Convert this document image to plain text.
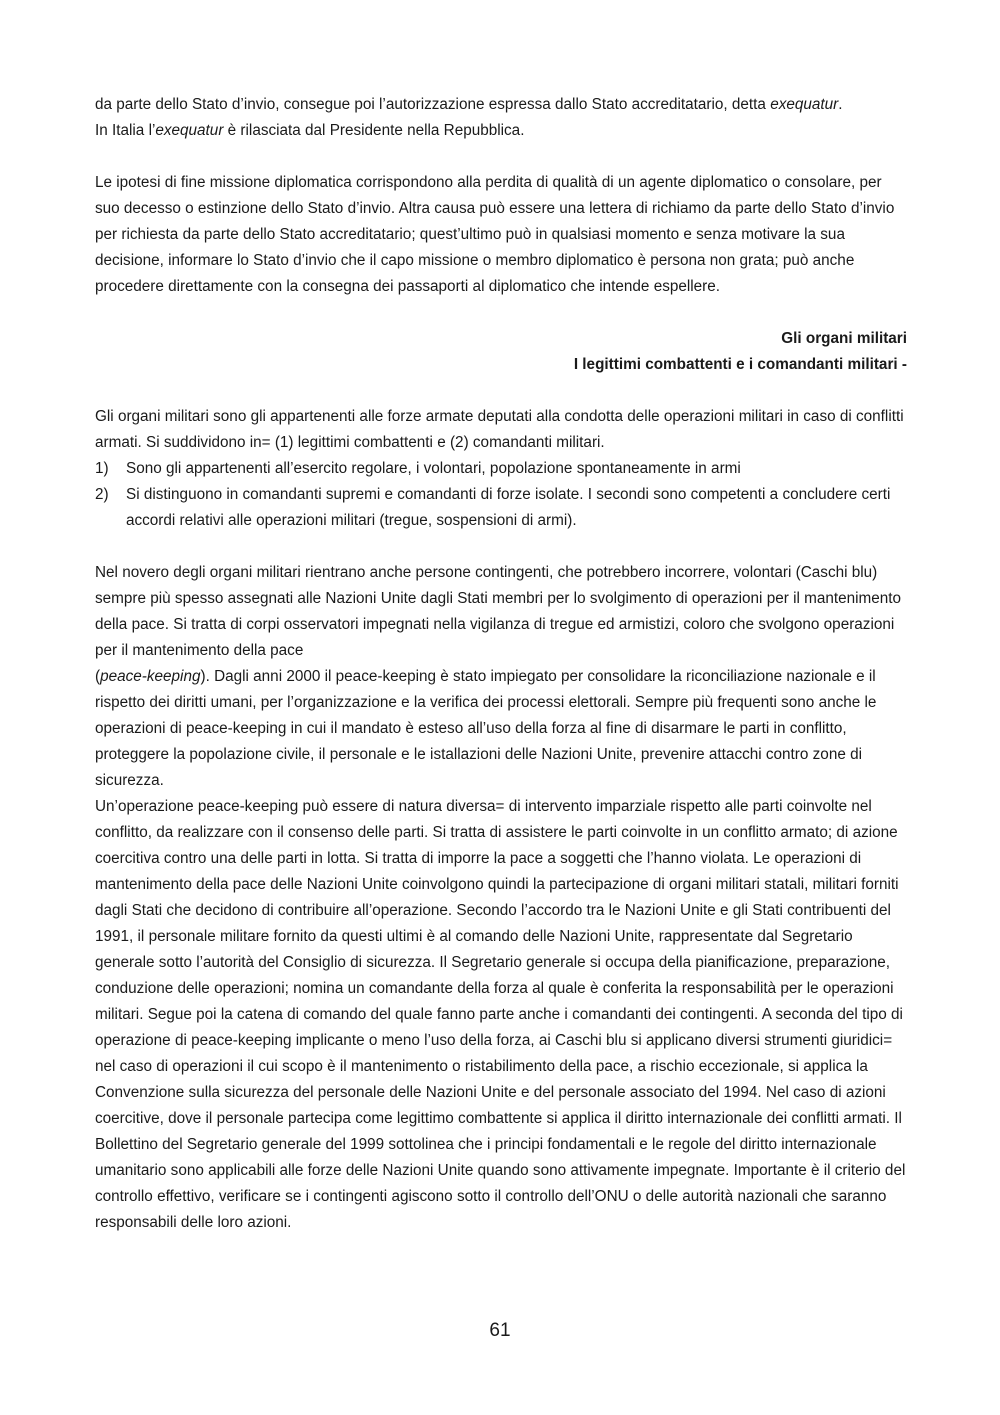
da parte dello Stato d’invio, consegue poi l’autorizzazione espressa dallo Stato accreditatario, detta exequatur.
In Italia l’exequatur è rilasciata dal Presidente nella Repubblica.

Le ipotesi di fine missione diplomatica corrispondono alla perdita di qualità di un agente diplomatico o consolare, per suo decesso o estinzione dello Stato d’invio. Altra causa può essere una lettera di richiamo da parte dello Stato d’invio per richiesta da parte dello Stato accreditatario; quest’ultimo può in qualsiasi momento e senza motivare la sua decisione, informare lo Stato d’invio che il capo missione o membro diplomatico è persona non grata; può anche procedere direttamente con la consegna dei passaporti al diplomatico che intende espellere.

Gli organi militari
I legittimi combattenti e i comandanti militari -

Gli organi militari sono gli appartenenti alle forze armate deputati alla condotta delle operazioni militari in caso di conflitti armati. Si suddividono in= (1) legittimi combattenti e (2) comandanti militari.

1) Sono gli appartenenti all’esercito regolare, i volontari, popolazione spontaneamente in armi
2) Si distinguono in comandanti supremi e comandanti di forze isolate. I secondi sono competenti a concludere certi accordi relativi alle operazioni militari (tregue, sospensioni di armi).

Nel novero degli organi militari rientrano anche persone contingenti, che potrebbero incorrere, volontari (Caschi blu) sempre più spesso assegnati alle Nazioni Unite dagli Stati membri per lo svolgimento di operazioni per il mantenimento della pace. Si tratta di corpi osservatori impegnati nella vigilanza di tregue ed armistizi, coloro che svolgono operazioni per il mantenimento della pace
(peace-keeping). Dagli anni 2000 il peace-keeping è stato impiegato per consolidare la riconciliazione nazionale e il rispetto dei diritti umani, per l’organizzazione e la verifica dei processi elettorali. Sempre più frequenti sono anche le operazioni di peace-keeping in cui il mandato è esteso all’uso della forza al fine di disarmare le parti in conflitto, proteggere la popolazione civile, il personale e le istallazioni delle Nazioni Unite, prevenire attacchi contro zone di sicurezza.

Un’operazione peace-keeping può essere di natura diversa= di intervento imparziale rispetto alle parti coinvolte nel conflitto, da realizzare con il consenso delle parti. Si tratta di assistere le parti coinvolte in un conflitto armato; di azione coercitiva contro una delle parti in lotta. Si tratta di imporre la pace a soggetti che l’hanno violata. Le operazioni di mantenimento della pace delle Nazioni Unite coinvolgono quindi la partecipazione di organi militari statali, militari forniti dagli Stati che decidono di contribuire all’operazione. Secondo l’accordo tra le Nazioni Unite e gli Stati contribuenti del 1991, il personale militare fornito da questi ultimi è al comando delle Nazioni Unite, rappresentate dal Segretario generale sotto l’autorità del Consiglio di sicurezza. Il Segretario generale si occupa della pianificazione, preparazione, conduzione delle operazioni; nomina un comandante della forza al quale è conferita la responsabilità per le operazioni militari. Segue poi la catena di comando del quale fanno parte anche i comandanti dei contingenti. A seconda del tipo di operazione di peace-keeping implicante o meno l’uso della forza, ai Caschi blu si applicano diversi strumenti giuridici= nel caso di operazioni il cui scopo è il mantenimento o ristabilimento della pace, a rischio eccezionale, si applica la Convenzione sulla sicurezza del personale delle Nazioni Unite e del personale associato del 1994. Nel caso di azioni coercitive, dove il personale partecipa come legittimo combattente si applica il diritto internazionale dei conflitti armati. Il Bollettino del Segretario generale del 1999 sottolinea che i principi fondamentali e le regole del diritto internazionale umanitario sono applicabili alle forze delle Nazioni Unite quando sono attivamente impegnate. Importante è il criterio del controllo effettivo, verificare se i contingenti agiscono sotto il controllo dell’ONU o delle autorità nazionali che saranno responsabili delle loro azioni.

61
